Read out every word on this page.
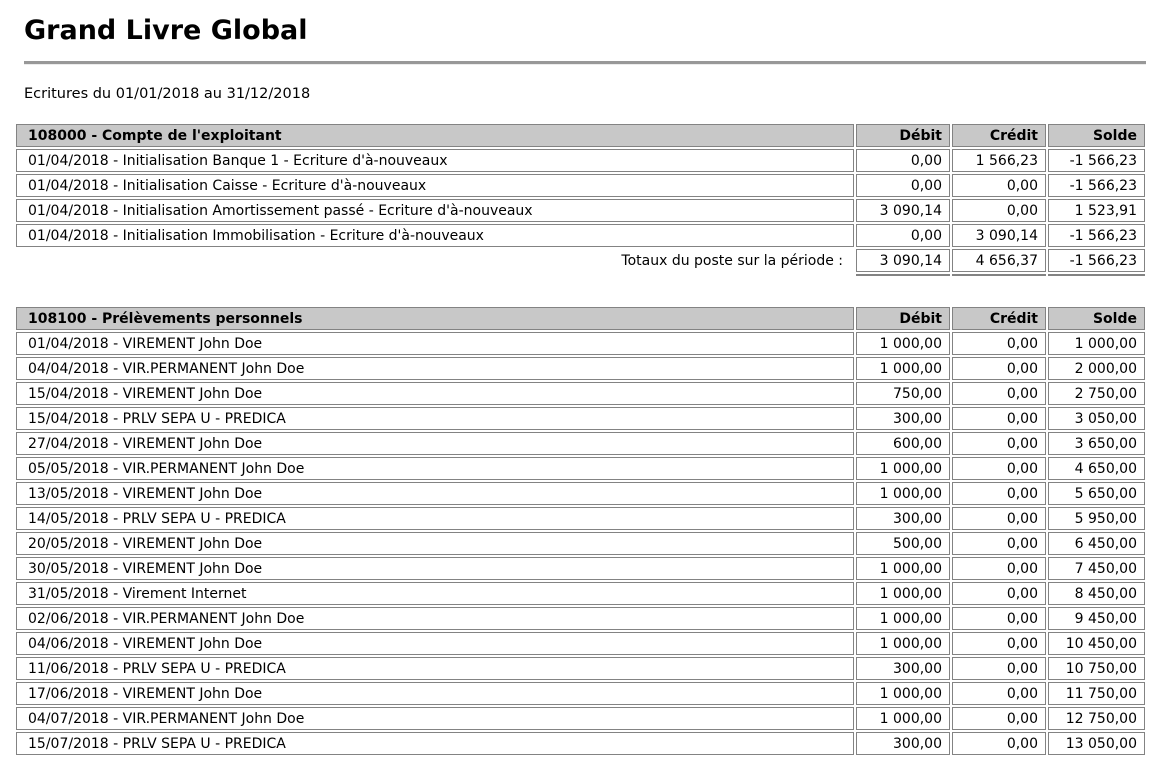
Grand Livre Global
Ecritures du 01/01/2018 au 31/12/2018
108000 - Compte de l'exploitant	Débit	Crédit	Solde
01/04/2018 - Initialisation Banque 1 - Ecriture d'à-nouveaux	0,00	1 566,23	-1 566,23
01/04/2018 - Initialisation Caisse - Ecriture d'à-nouveaux	0,00	0,00	-1 566,23
01/04/2018 - Initialisation Amortissement passé - Ecriture d'à-nouveaux	3 090,14	0,00	1 523,91
01/04/2018 - Initialisation Immobilisation - Ecriture d'à-nouveaux	0,00	3 090,14	-1 566,23
Totaux du poste sur la période :	3 090,14	4 656,37	-1 566,23

108100 - Prélèvements personnels	Débit	Crédit	Solde
01/04/2018 - VIREMENT John Doe	1 000,00	0,00	1 000,00
04/04/2018 - VIR.PERMANENT John Doe	1 000,00	0,00	2 000,00
15/04/2018 - VIREMENT John Doe	750,00	0,00	2 750,00
15/04/2018 - PRLV SEPA U - PREDICA	300,00	0,00	3 050,00
27/04/2018 - VIREMENT John Doe	600,00	0,00	3 650,00
05/05/2018 - VIR.PERMANENT John Doe	1 000,00	0,00	4 650,00
13/05/2018 - VIREMENT John Doe	1 000,00	0,00	5 650,00
14/05/2018 - PRLV SEPA U - PREDICA	300,00	0,00	5 950,00
20/05/2018 - VIREMENT John Doe	500,00	0,00	6 450,00
30/05/2018 - VIREMENT John Doe	1 000,00	0,00	7 450,00
31/05/2018 - Virement Internet	1 000,00	0,00	8 450,00
02/06/2018 - VIR.PERMANENT John Doe	1 000,00	0,00	9 450,00
04/06/2018 - VIREMENT John Doe	1 000,00	0,00	10 450,00
11/06/2018 - PRLV SEPA U - PREDICA	300,00	0,00	10 750,00
17/06/2018 - VIREMENT John Doe	1 000,00	0,00	11 750,00
04/07/2018 - VIR.PERMANENT John Doe	1 000,00	0,00	12 750,00
15/07/2018 - PRLV SEPA U - PREDICA	300,00	0,00	13 050,00
